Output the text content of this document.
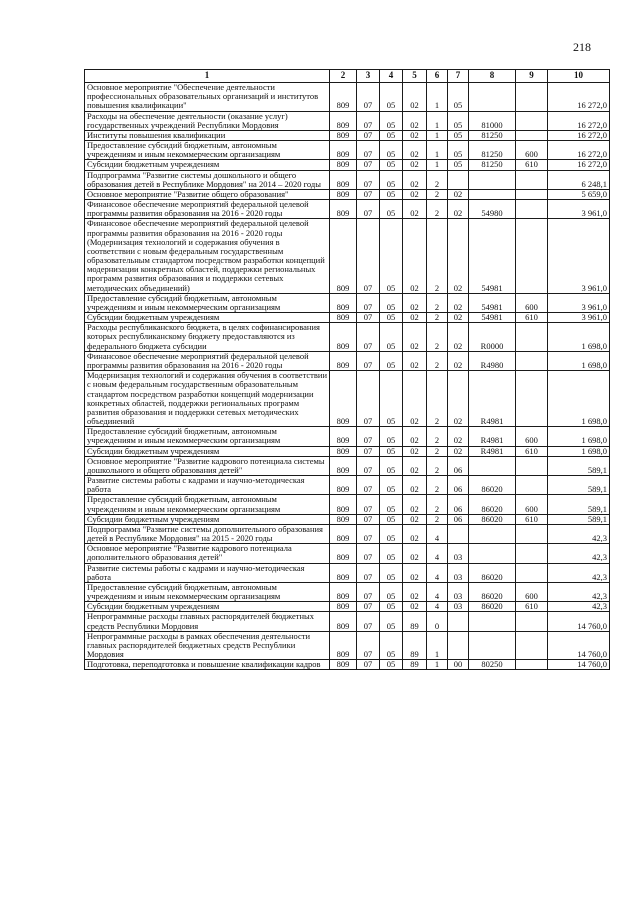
218
1	2	3	4	5	6	7	8	9	10
Основное мероприятие "Обеспечение деятельности профессиональных образовательных организаций и институтов повышения квалификации"	809	07	05	02	1	05			16 272,0
Расходы на обеспечение деятельности (оказание услуг) государственных учреждений Республики Мордовия	809	07	05	02	1	05	81000		16 272,0
Институты повышения квалификации	809	07	05	02	1	05	81250		16 272,0
Предоставление субсидий бюджетным, автономным учреждениям и иным некоммерческим организациям	809	07	05	02	1	05	81250	600	16 272,0
Субсидии бюджетным учреждениям	809	07	05	02	1	05	81250	610	16 272,0
Подпрограмма "Развитие системы дошкольного и общего образования детей в Республике Мордовия" на 2014 – 2020 годы	809	07	05	02	2				6 248,1
Основное мероприятие "Развитие общего образования"	809	07	05	02	2	02			5 659,0
Финансовое обеспечение мероприятий федеральной целевой программы развития образования на 2016 - 2020 годы	809	07	05	02	2	02	54980		3 961,0
Финансовое обеспечение мероприятий федеральной целевой программы развития образования на 2016 - 2020 годы (Модернизация технологий и содержания обучения в соответствии с новым федеральным государственным образовательным стандартом посредством разработки концепций модернизации конкретных областей, поддержки региональных программ развития образования и поддержки сетевых методических объединений)	809	07	05	02	2	02	54981		3 961,0
Предоставление субсидий бюджетным, автономным учреждениям и иным некоммерческим организациям	809	07	05	02	2	02	54981	600	3 961,0
Субсидии бюджетным учреждениям	809	07	05	02	2	02	54981	610	3 961,0
Расходы республиканского бюджета, в целях софинансирования которых республиканскому бюджету предоставляются из федерального бюджета субсидии	809	07	05	02	2	02	R0000		1 698,0
Финансовое обеспечение мероприятий федеральной целевой программы развития образования на 2016 - 2020 годы	809	07	05	02	2	02	R4980		1 698,0
Модернизация технологий и содержания обучения в соответствии с новым федеральным государственным образовательным стандартом посредством разработки концепций модернизации конкретных областей, поддержки региональных программ развития образования и поддержки сетевых методических объединений	809	07	05	02	2	02	R4981		1 698,0
Предоставление субсидий бюджетным, автономным учреждениям и иным некоммерческим организациям	809	07	05	02	2	02	R4981	600	1 698,0
Субсидии бюджетным учреждениям	809	07	05	02	2	02	R4981	610	1 698,0
Основное мероприятие "Развитие кадрового потенциала системы дошкольного и общего образования детей"	809	07	05	02	2	06			589,1
Развитие системы работы с кадрами и научно-методическая работа	809	07	05	02	2	06	86020		589,1
Предоставление субсидий бюджетным, автономным учреждениям и иным некоммерческим организациям	809	07	05	02	2	06	86020	600	589,1
Субсидии бюджетным учреждениям	809	07	05	02	2	06	86020	610	589,1
Подпрограмма "Развитие системы дополнительного образования детей в Республике Мордовия" на 2015 - 2020 годы	809	07	05	02	4				42,3
Основное мероприятие "Развитие кадрового потенциала дополнительного образования детей"	809	07	05	02	4	03			42,3
Развитие системы работы с кадрами и научно-методическая работа	809	07	05	02	4	03	86020		42,3
Предоставление субсидий бюджетным, автономным учреждениям и иным некоммерческим организациям	809	07	05	02	4	03	86020	600	42,3
Субсидии бюджетным учреждениям	809	07	05	02	4	03	86020	610	42,3
Непрограммные расходы главных распорядителей бюджетных средств Республики Мордовия	809	07	05	89	0				14 760,0
Непрограммные расходы в рамках обеспечения деятельности главных распорядителей бюджетных средств Республики Мордовия	809	07	05	89	1				14 760,0
Подготовка, переподготовка и повышение квалификации кадров	809	07	05	89	1	00	80250		14 760,0
